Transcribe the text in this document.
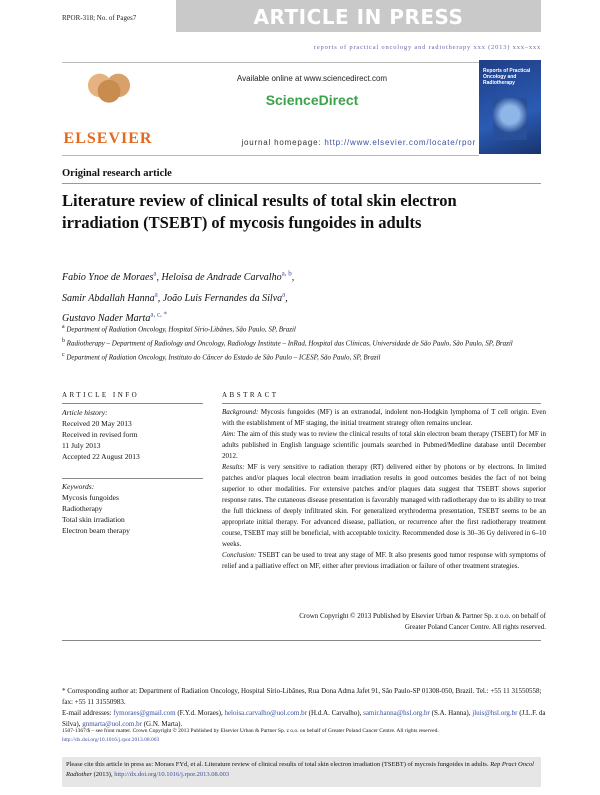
RPOR-318; No. of Pages7	ARTICLE IN PRESS
reports of practical oncology and radiotherapy xxx (2013) xxx–xxx
ELSEVIER
Available online at www.sciencedirect.com
ScienceDirect
journal homepage: http://www.elsevier.com/locate/rpor
Reports of Practical Oncology and Radiotherapy
Original research article
Literature review of clinical results of total skin electron irradiation (TSEBT) of mycosis fungoides in adults
Fabio Ynoe de Moraes$^a$, Heloisa de Andrade Carvalho$^{a, b}$,
Samir Abdallah Hanna$^a$, João Luis Fernandes da Silva$^a$,
Gustavo Nader Marta$^{a, c, *}$
$^a$ Department of Radiation Oncology, Hospital Sírio-Libânes, São Paulo, SP, Brazil
$^b$ Radiotherapy – Department of Radiology and Oncology, Radiology Institute – InRad, Hospital das Clínicas, Universidade de São Paulo, São Paulo, SP, Brazil
$^c$ Department of Radiation Oncology, Instituto do Câncer do Estado de São Paulo – ICESP, São Paulo, SP, Brazil
ARTICLE INFO
Article history:
Received 20 May 2013
Received in revised form
11 July 2013
Accepted 22 August 2013
Keywords:
Mycosis fungoides
Radiotherapy
Total skin irradiation
Electron beam therapy
ABSTRACT

Background: Mycosis fungoides (MF) is an extranodal, indolent non-Hodgkin lymphoma of T cell origin. Even with the establishment of MF staging, the initial treatment strategy often remains unclear.

Aim: The aim of this study was to review the clinical results of total skin electron beam therapy (TSEBT) for MF in adults published in English language scientific journals searched in Pubmed/Medline database until December 2012.

Results: MF is very sensitive to radiation therapy (RT) delivered either by photons or by electrons. In limited patches and/or plaques local electron beam irradiation results in good outcomes besides the fact of not being superior to other modalities. For extensive patches and/or plaques data suggest that TSEBT shows superior response rates. The cutaneous disease presentation is favorably managed with radiotherapy due to its ability to treat the full thickness of deeply infiltrated skin. For generalized erythroderma presentation, TSEBT seems to be an appropriate initial therapy. For advanced disease, palliation, or recurrence after the first radiotherapy treatment course, TSEBT may still be beneficial, with acceptable toxicity. Recommended dose is 30–36 Gy delivered in 6–10 weeks.

Conclusion: TSEBT can be used to treat any stage of MF. It also presents good tumor response with symptoms of relief and a palliative effect on MF, either after previous irradiation or failure of other treatment strategies.

Crown Copyright © 2013 Published by Elsevier Urban & Partner Sp. z o.o. on behalf of
Greater Poland Cancer Centre. All rights reserved.
* Corresponding author at: Department of Radiation Oncology, Hospital Sírio-Libânes, Rua Dona Adma Jafet 91, São Paulo-SP 01308-050, Brazil. Tel.: +55 11 31550558; fax: +55 11 31550983.
E-mail addresses: fymoraes@gmail.com (F.Y.d. Moraes), heloisa.carvalho@uol.com.br (H.d.A. Carvalho), samir.hanna@hsl.org.br (S.A. Hanna), jluis@hsl.org.br (J.L.F. da Silva), gnmarta@uol.com.br (G.N. Marta).
1507-1367/$ – see front matter. Crown Copyright © 2013 Published by Elsevier Urban & Partner Sp. z o.o. on behalf of Greater Poland Cancer Centre. All rights reserved.
http://dx.doi.org/10.1016/j.rpor.2013.08.003
Please cite this article in press as: Moraes FYd, et al. Literature review of clinical results of total skin electron irradiation (TSEBT) of mycosis fungoides in adults. Rep Pract Oncol Radiother (2013), http://dx.doi.org/10.1016/j.rpor.2013.08.003
